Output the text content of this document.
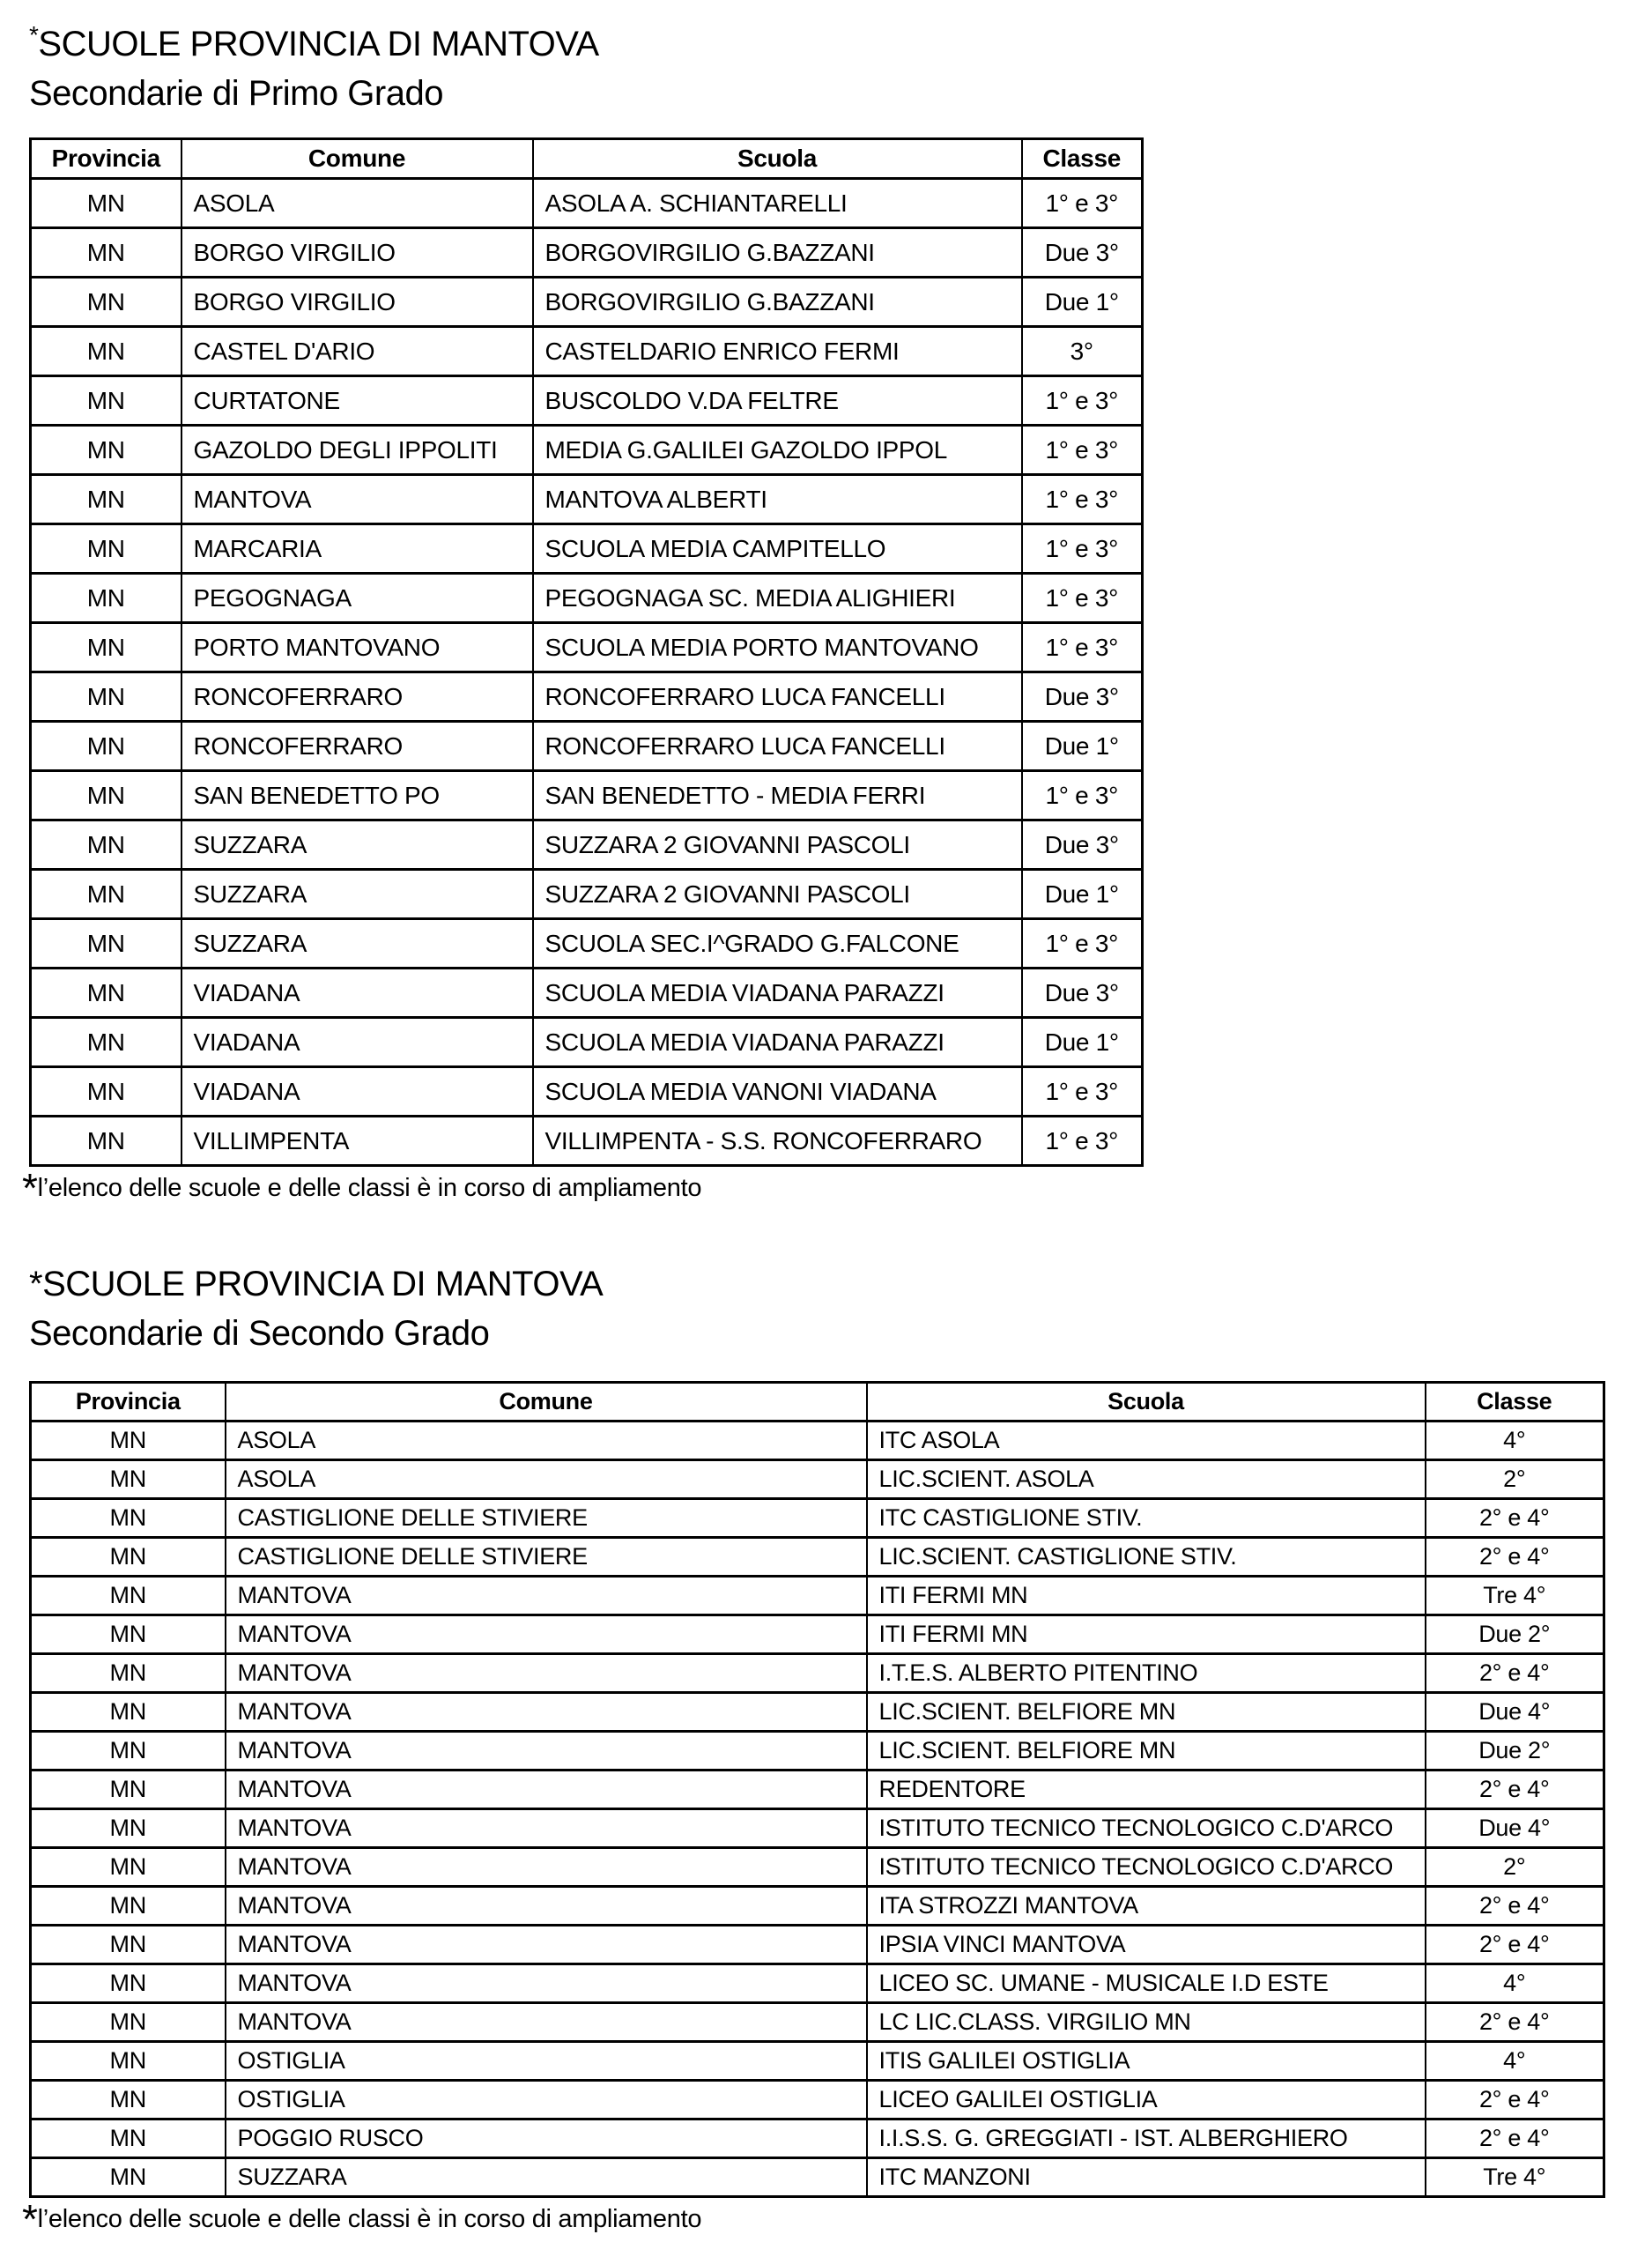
*SCUOLE PROVINCIA DI MANTOVA
Secondarie di Primo Grado
Provincia	Comune	Scuola	Classe
MN	ASOLA	ASOLA A. SCHIANTARELLI	1° e 3°
MN	BORGO VIRGILIO	BORGOVIRGILIO G.BAZZANI	Due 3°
MN	BORGO VIRGILIO	BORGOVIRGILIO G.BAZZANI	Due 1°
MN	CASTEL D'ARIO	CASTELDARIO ENRICO FERMI	3°
MN	CURTATONE	BUSCOLDO V.DA FELTRE	1° e 3°
MN	GAZOLDO DEGLI IPPOLITI	MEDIA G.GALILEI GAZOLDO IPPOL	1° e 3°
MN	MANTOVA	MANTOVA ALBERTI	1° e 3°
MN	MARCARIA	SCUOLA MEDIA CAMPITELLO	1° e 3°
MN	PEGOGNAGA	PEGOGNAGA SC. MEDIA ALIGHIERI	1° e 3°
MN	PORTO MANTOVANO	SCUOLA MEDIA PORTO MANTOVANO	1° e 3°
MN	RONCOFERRARO	RONCOFERRARO LUCA FANCELLI	Due 3°
MN	RONCOFERRARO	RONCOFERRARO LUCA FANCELLI	Due 1°
MN	SAN BENEDETTO PO	SAN BENEDETTO - MEDIA FERRI	1° e 3°
MN	SUZZARA	SUZZARA 2 GIOVANNI PASCOLI	Due 3°
MN	SUZZARA	SUZZARA 2 GIOVANNI PASCOLI	Due 1°
MN	SUZZARA	SCUOLA SEC.I^GRADO G.FALCONE	1° e 3°
MN	VIADANA	SCUOLA MEDIA VIADANA PARAZZI	Due 3°
MN	VIADANA	SCUOLA MEDIA VIADANA PARAZZI	Due 1°
MN	VIADANA	SCUOLA MEDIA VANONI VIADANA	1° e 3°
MN	VILLIMPENTA	VILLIMPENTA - S.S. RONCOFERRARO	1° e 3°
*l’elenco delle scuole e delle classi è in corso di ampliamento
*SCUOLE PROVINCIA DI MANTOVA
Secondarie di Secondo Grado
Provincia	Comune	Scuola	Classe
MN	ASOLA	ITC ASOLA	4°
MN	ASOLA	LIC.SCIENT. ASOLA	2°
MN	CASTIGLIONE DELLE STIVIERE	ITC CASTIGLIONE STIV.	2° e 4°
MN	CASTIGLIONE DELLE STIVIERE	LIC.SCIENT. CASTIGLIONE STIV.	2° e 4°
MN	MANTOVA	ITI FERMI MN	Tre 4°
MN	MANTOVA	ITI FERMI MN	Due 2°
MN	MANTOVA	I.T.E.S. ALBERTO PITENTINO	2° e 4°
MN	MANTOVA	LIC.SCIENT. BELFIORE MN	Due 4°
MN	MANTOVA	LIC.SCIENT. BELFIORE MN	Due 2°
MN	MANTOVA	REDENTORE	2° e 4°
MN	MANTOVA	ISTITUTO TECNICO TECNOLOGICO C.D'ARCO	Due 4°
MN	MANTOVA	ISTITUTO TECNICO TECNOLOGICO C.D'ARCO	2°
MN	MANTOVA	ITA STROZZI MANTOVA	2° e 4°
MN	MANTOVA	IPSIA VINCI MANTOVA	2° e 4°
MN	MANTOVA	LICEO SC. UMANE - MUSICALE I.D ESTE	4°
MN	MANTOVA	LC LIC.CLASS. VIRGILIO MN	2° e 4°
MN	OSTIGLIA	ITIS GALILEI OSTIGLIA	4°
MN	OSTIGLIA	LICEO GALILEI OSTIGLIA	2° e 4°
MN	POGGIO RUSCO	I.I.S.S. G. GREGGIATI - IST. ALBERGHIERO	2° e 4°
MN	SUZZARA	ITC MANZONI	Tre 4°
*l’elenco delle scuole e delle classi è in corso di ampliamento
